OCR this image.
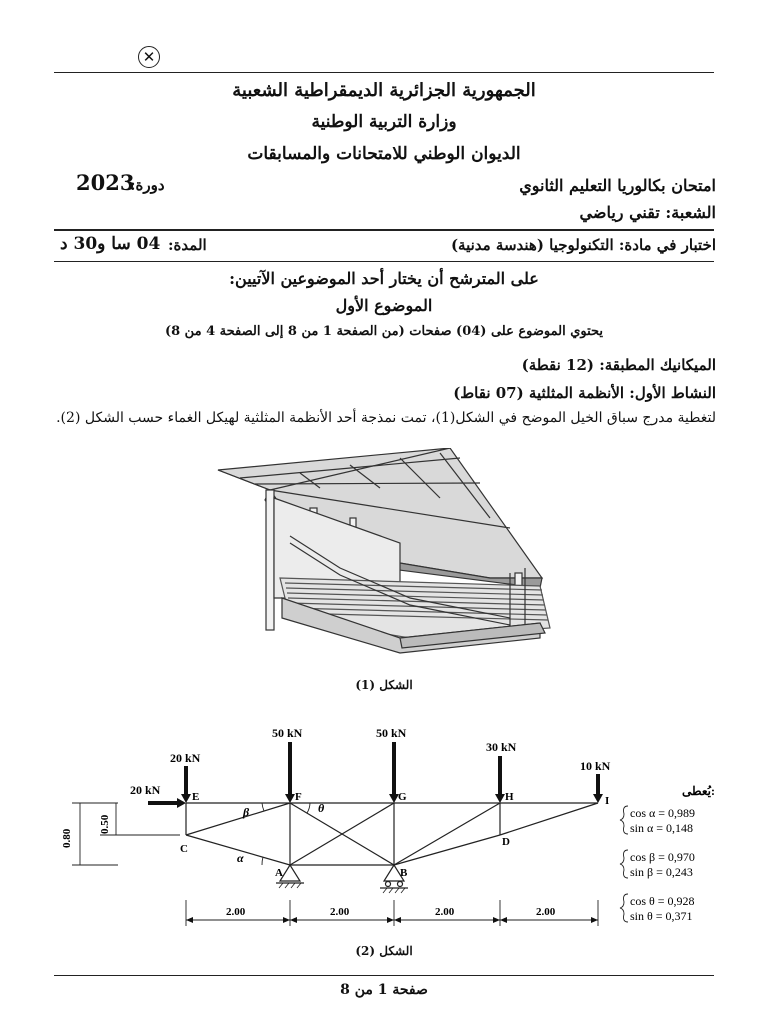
✕
الجمهورية الجزائرية الديمقراطية الشعبية
وزارة التربية الوطنية
الديوان الوطني للامتحانات والمسابقات
امتحان بكالوريا التعليم الثانوي
2023
دورة:
الشعبة: تقني رياضي
اختبار في مادة: التكنولوجيا (هندسة مدنية)
04 سا و30 د المدة:
على المترشح أن يختار أحد الموضوعين الآتيين:
الموضوع الأول
يحتوي الموضوع على (04) صفحات (من الصفحة 1 من 8 إلى الصفحة 4 من 8)
الميكانيك المطبقة: (12 نقطة)
النشاط الأول: الأنظمة المثلثية (07 نقاط)
لتغطية مدرج سباق الخيل الموضح في الشكل(1)، تمت نمذجة أحد الأنظمة المثلثية لهيكل الغماء حسب الشكل (2).
الشكل (1)
20 kN
50 kN	50 kN
30 kN
10 kN
20 kN	E	F	G	H	I
C
D
A	B
β	θ
α
0.80
0.50
2.00	2.00	2.00	2.00
يُعطى:
cos α = 0,989
sin α = 0,148
cos β = 0,970
sin β = 0,243
cos θ = 0,928
sin θ = 0,371
الشكل (2)
صفحة 1 من 8
